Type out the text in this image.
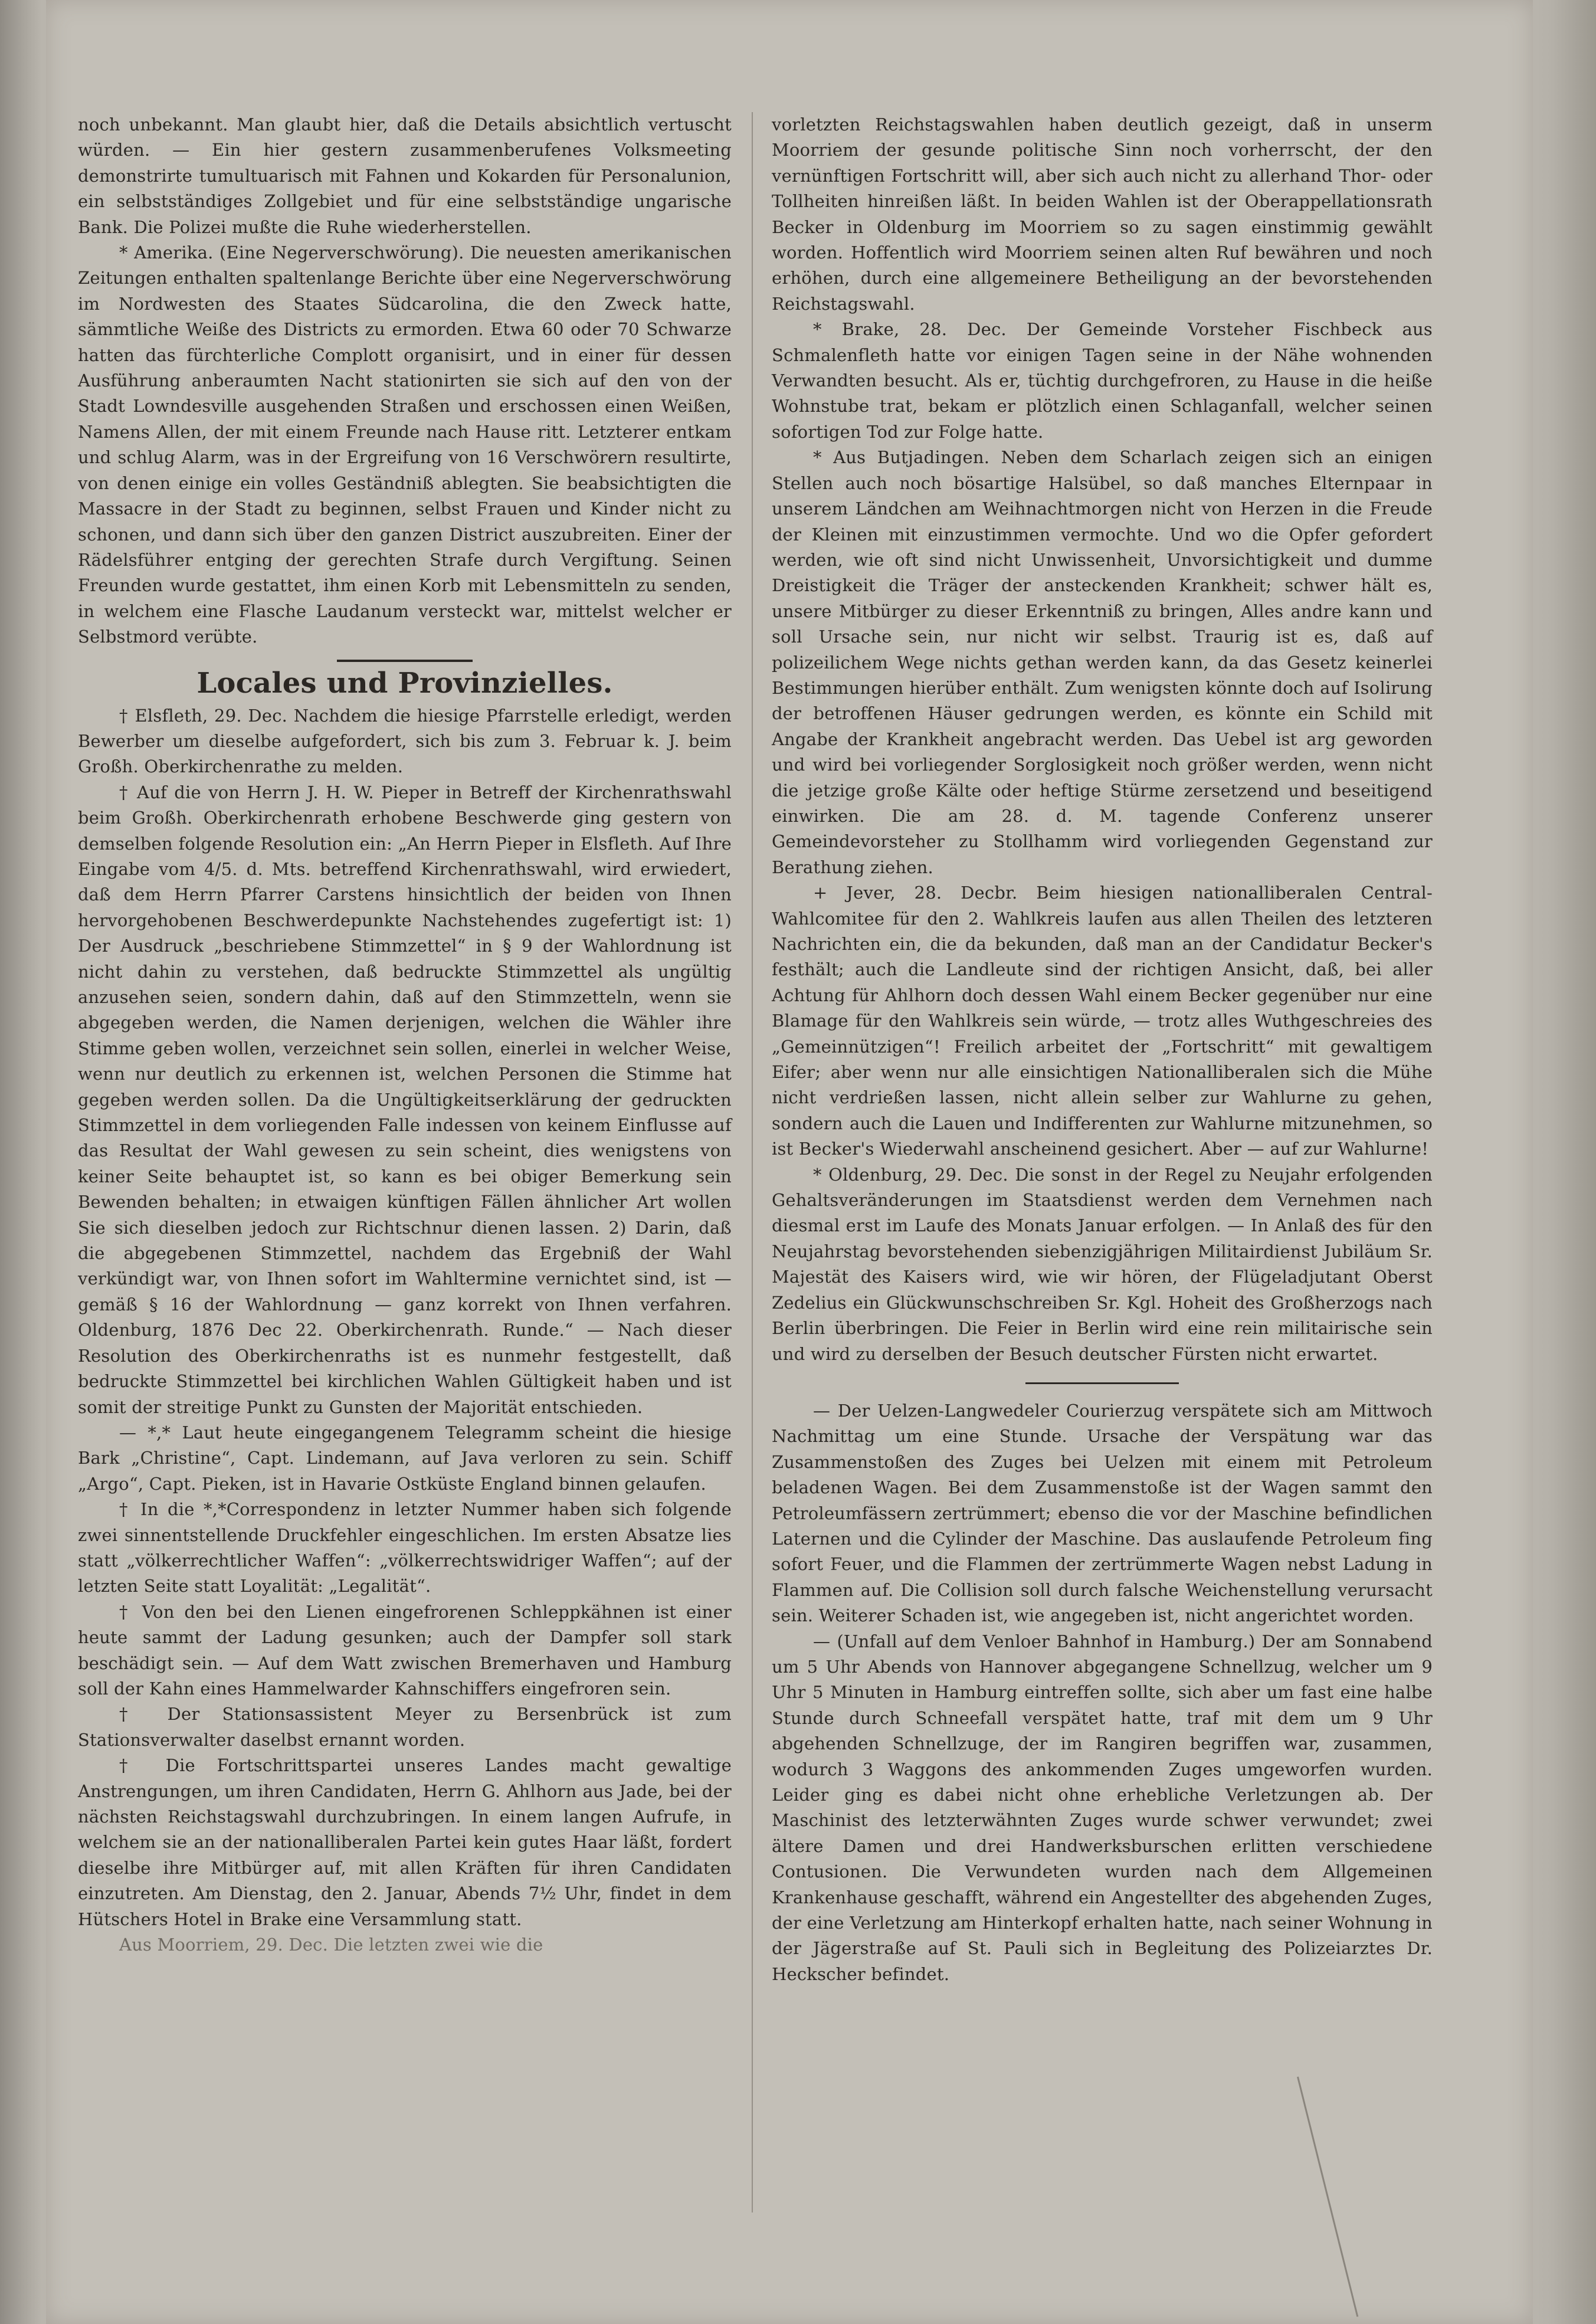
noch unbekannt. Man glaubt hier, daß die Details absichtlich vertuscht würden. — Ein hier gestern zusammenberufenes Volksmeeting demonstrirte tumultuarisch mit Fahnen und Kokarden für Personalunion, ein selbstständiges Zollgebiet und für eine selbstständige ungarische Bank. Die Polizei mußte die Ruhe wiederherstellen.

* Amerika. (Eine Negerverschwörung). Die neuesten amerikanischen Zeitungen enthalten spaltenlange Berichte über eine Negerverschwörung im Nordwesten des Staates Südcarolina, die den Zweck hatte, sämmtliche Weiße des Districts zu ermorden. Etwa 60 oder 70 Schwarze hatten das fürchterliche Complott organisirt, und in einer für dessen Ausführung anberaumten Nacht stationirten sie sich auf den von der Stadt Lowndesville ausgehenden Straßen und erschossen einen Weißen, Namens Allen, der mit einem Freunde nach Hause ritt. Letzterer entkam und schlug Alarm, was in der Ergreifung von 16 Verschwörern resultirte, von denen einige ein volles Geständniß ablegten. Sie beabsichtigten die Massacre in der Stadt zu beginnen, selbst Frauen und Kinder nicht zu schonen, und dann sich über den ganzen District auszubreiten. Einer der Rädelsführer entging der gerechten Strafe durch Vergiftung. Seinen Freunden wurde gestattet, ihm einen Korb mit Lebensmitteln zu senden, in welchem eine Flasche Laudanum versteckt war, mittelst welcher er Selbstmord verübte.

Locales und Provinzielles.

† Elsfleth, 29. Dec. Nachdem die hiesige Pfarrstelle erledigt, werden Bewerber um dieselbe aufgefordert, sich bis zum 3. Februar k. J. beim Großh. Oberkirchenrathe zu melden.

† Auf die von Herrn J. H. W. Pieper in Betreff der Kirchenrathswahl beim Großh. Oberkirchenrath erhobene Beschwerde ging gestern von demselben folgende Resolution ein: „An Herrn Pieper in Elsfleth. Auf Ihre Eingabe vom 4/5. d. Mts. betreffend Kirchenrathswahl, wird erwiedert, daß dem Herrn Pfarrer Carstens hinsichtlich der beiden von Ihnen hervorgehobenen Beschwerdepunkte Nachstehendes zugefertigt ist: 1) Der Ausdruck „beschriebene Stimmzettel“ in § 9 der Wahlordnung ist nicht dahin zu verstehen, daß bedruckte Stimmzettel als ungültig anzusehen seien, sondern dahin, daß auf den Stimmzetteln, wenn sie abgegeben werden, die Namen derjenigen, welchen die Wähler ihre Stimme geben wollen, verzeichnet sein sollen, einerlei in welcher Weise, wenn nur deutlich zu erkennen ist, welchen Personen die Stimme hat gegeben werden sollen. Da die Ungültigkeitserklärung der gedruckten Stimmzettel in dem vorliegenden Falle indessen von keinem Einflusse auf das Resultat der Wahl gewesen zu sein scheint, dies wenigstens von keiner Seite behauptet ist, so kann es bei obiger Bemerkung sein Bewenden behalten; in etwaigen künftigen Fällen ähnlicher Art wollen Sie sich dieselben jedoch zur Richtschnur dienen lassen. 2) Darin, daß die abgegebenen Stimmzettel, nachdem das Ergebniß der Wahl verkündigt war, von Ihnen sofort im Wahltermine vernichtet sind, ist — gemäß § 16 der Wahlordnung — ganz korrekt von Ihnen verfahren. Oldenburg, 1876 Dec 22. Oberkirchenrath. Runde.“ — Nach dieser Resolution des Oberkirchenraths ist es nunmehr festgestellt, daß bedruckte Stimmzettel bei kirchlichen Wahlen Gültigkeit haben und ist somit der streitige Punkt zu Gunsten der Majorität entschieden.

— *,* Laut heute eingegangenem Telegramm scheint die hiesige Bark „Christine“, Capt. Lindemann, auf Java verloren zu sein. Schiff „Argo“, Capt. Pieken, ist in Havarie Ostküste England binnen gelaufen.

† In die *,*Correspondenz in letzter Nummer haben sich folgende zwei sinnentstellende Druckfehler eingeschlichen. Im ersten Absatze lies statt „völkerrechtlicher Waffen“: „völkerrechtswidriger Waffen“; auf der letzten Seite statt Loyalität: „Legalität“.

† Von den bei den Lienen eingefrorenen Schleppkähnen ist einer heute sammt der Ladung gesunken; auch der Dampfer soll stark beschädigt sein. — Auf dem Watt zwischen Bremerhaven und Hamburg soll der Kahn eines Hammelwarder Kahnschiffers eingefroren sein.

† Der Stationsassistent Meyer zu Bersenbrück ist zum Stationsverwalter daselbst ernannt worden.

† Die Fortschrittspartei unseres Landes macht gewaltige Anstrengungen, um ihren Candidaten, Herrn G. Ahlhorn aus Jade, bei der nächsten Reichstagswahl durchzubringen. In einem langen Aufrufe, in welchem sie an der nationalliberalen Partei kein gutes Haar läßt, fordert dieselbe ihre Mitbürger auf, mit allen Kräften für ihren Candidaten einzutreten. Am Dienstag, den 2. Januar, Abends 7½ Uhr, findet in dem Hütschers Hotel in Brake eine Versammlung statt.

Aus Moorriem, 29. Dec. Die letzten zwei wie die

vorletzten Reichstagswahlen haben deutlich gezeigt, daß in unserm Moorriem der gesunde politische Sinn noch vorherrscht, der den vernünftigen Fortschritt will, aber sich auch nicht zu allerhand Thor- oder Tollheiten hinreißen läßt. In beiden Wahlen ist der Oberappellationsrath Becker in Oldenburg im Moorriem so zu sagen einstimmig gewählt worden. Hoffentlich wird Moorriem seinen alten Ruf bewähren und noch erhöhen, durch eine allgemeinere Betheiligung an der bevorstehenden Reichstagswahl.

* Brake, 28. Dec. Der Gemeinde Vorsteher Fischbeck aus Schmalenfleth hatte vor einigen Tagen seine in der Nähe wohnenden Verwandten besucht. Als er, tüchtig durchgefroren, zu Hause in die heiße Wohnstube trat, bekam er plötzlich einen Schlaganfall, welcher seinen sofortigen Tod zur Folge hatte.

* Aus Butjadingen. Neben dem Scharlach zeigen sich an einigen Stellen auch noch bösartige Halsübel, so daß manches Elternpaar in unserem Ländchen am Weihnachtmorgen nicht von Herzen in die Freude der Kleinen mit einzustimmen vermochte. Und wo die Opfer gefordert werden, wie oft sind nicht Unwissenheit, Unvorsichtigkeit und dumme Dreistigkeit die Träger der ansteckenden Krankheit; schwer hält es, unsere Mitbürger zu dieser Erkenntniß zu bringen, Alles andre kann und soll Ursache sein, nur nicht wir selbst. Traurig ist es, daß auf polizeilichem Wege nichts gethan werden kann, da das Gesetz keinerlei Bestimmungen hierüber enthält. Zum wenigsten könnte doch auf Isolirung der betroffenen Häuser gedrungen werden, es könnte ein Schild mit Angabe der Krankheit angebracht werden. Das Uebel ist arg geworden und wird bei vorliegender Sorglosigkeit noch größer werden, wenn nicht die jetzige große Kälte oder heftige Stürme zersetzend und beseitigend einwirken. Die am 28. d. M. tagende Conferenz unserer Gemeindevorsteher zu Stollhamm wird vorliegenden Gegenstand zur Berathung ziehen.

+ Jever, 28. Decbr. Beim hiesigen nationalliberalen Central-Wahlcomitee für den 2. Wahlkreis laufen aus allen Theilen des letzteren Nachrichten ein, die da bekunden, daß man an der Candidatur Becker's festhält; auch die Landleute sind der richtigen Ansicht, daß, bei aller Achtung für Ahlhorn doch dessen Wahl einem Becker gegenüber nur eine Blamage für den Wahlkreis sein würde, — trotz alles Wuthgeschreies des „Gemeinnützigen“! Freilich arbeitet der „Fortschritt“ mit gewaltigem Eifer; aber wenn nur alle einsichtigen Nationalliberalen sich die Mühe nicht verdrießen lassen, nicht allein selber zur Wahlurne zu gehen, sondern auch die Lauen und Indifferenten zur Wahlurne mitzunehmen, so ist Becker's Wiederwahl anscheinend gesichert. Aber — auf zur Wahlurne!

* Oldenburg, 29. Dec. Die sonst in der Regel zu Neujahr erfolgenden Gehaltsveränderungen im Staatsdienst werden dem Vernehmen nach diesmal erst im Laufe des Monats Januar erfolgen. — In Anlaß des für den Neujahrstag bevorstehenden siebenzigjährigen Militairdienst Jubiläum Sr. Majestät des Kaisers wird, wie wir hören, der Flügeladjutant Oberst Zedelius ein Glückwunschschreiben Sr. Kgl. Hoheit des Großherzogs nach Berlin überbringen. Die Feier in Berlin wird eine rein militairische sein und wird zu derselben der Besuch deutscher Fürsten nicht erwartet.

— Der Uelzen-Langwedeler Courierzug verspätete sich am Mittwoch Nachmittag um eine Stunde. Ursache der Verspätung war das Zusammenstoßen des Zuges bei Uelzen mit einem mit Petroleum beladenen Wagen. Bei dem Zusammenstoße ist der Wagen sammt den Petroleumfässern zertrümmert; ebenso die vor der Maschine befindlichen Laternen und die Cylinder der Maschine. Das auslaufende Petroleum fing sofort Feuer, und die Flammen der zertrümmerte Wagen nebst Ladung in Flammen auf. Die Collision soll durch falsche Weichenstellung verursacht sein. Weiterer Schaden ist, wie angegeben ist, nicht angerichtet worden.

— (Unfall auf dem Venloer Bahnhof in Hamburg.) Der am Sonnabend um 5 Uhr Abends von Hannover abgegangene Schnellzug, welcher um 9 Uhr 5 Minuten in Hamburg eintreffen sollte, sich aber um fast eine halbe Stunde durch Schneefall verspätet hatte, traf mit dem um 9 Uhr abgehenden Schnellzuge, der im Rangiren begriffen war, zusammen, wodurch 3 Waggons des ankommenden Zuges umgeworfen wurden. Leider ging es dabei nicht ohne erhebliche Verletzungen ab. Der Maschinist des letzterwähnten Zuges wurde schwer verwundet; zwei ältere Damen und drei Handwerksburschen erlitten verschiedene Contusionen. Die Verwundeten wurden nach dem Allgemeinen Krankenhause geschafft, während ein Angestellter des abgehenden Zuges, der eine Verletzung am Hinterkopf erhalten hatte, nach seiner Wohnung in der Jägerstraße auf St. Pauli sich in Begleitung des Polizeiarztes Dr. Heckscher befindet.
